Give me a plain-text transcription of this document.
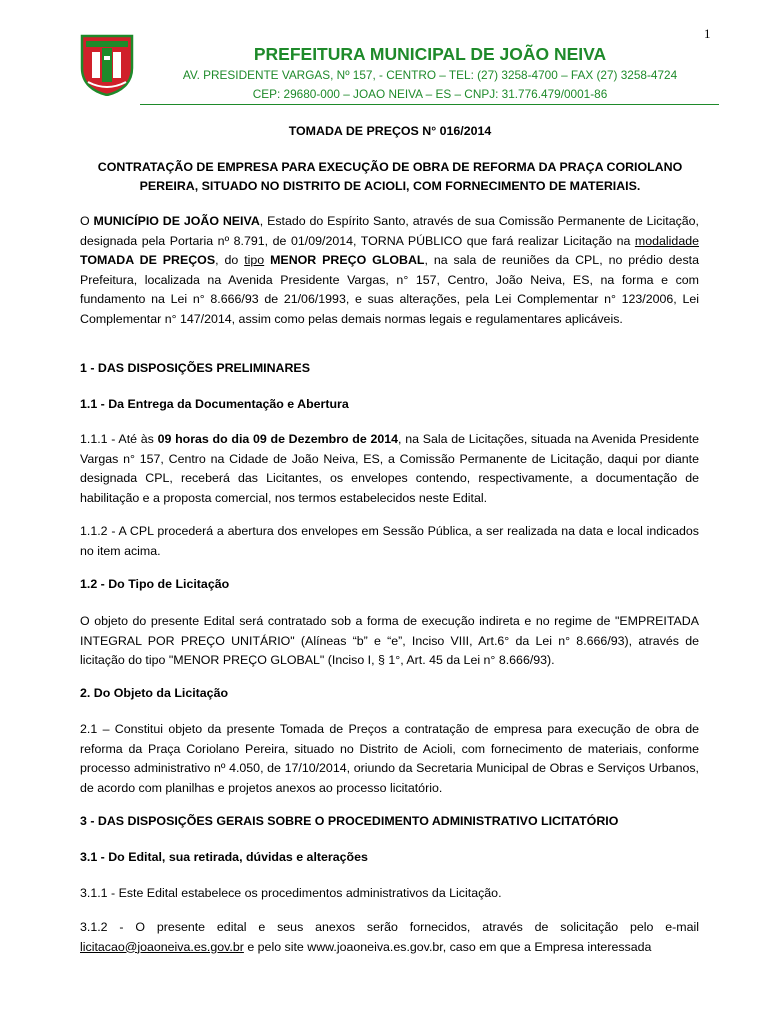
1
PREFEITURA MUNICIPAL DE JOÃO NEIVA
AV. PRESIDENTE VARGAS, Nº 157, - CENTRO – TEL: (27) 3258-4700 – FAX (27) 3258-4724
CEP: 29680-000 – JOAO NEIVA – ES – CNPJ: 31.776.479/0001-86
TOMADA DE PREÇOS N° 016/2014
CONTRATAÇÃO DE EMPRESA PARA EXECUÇÃO DE OBRA DE REFORMA DA PRAÇA CORIOLANO
PEREIRA, SITUADO NO DISTRITO DE ACIOLI, COM FORNECIMENTO DE MATERIAIS.
O MUNICÍPIO DE JOÃO NEIVA, Estado do Espírito Santo, através de sua Comissão Permanente de Licitação, designada pela Portaria nº 8.791, de 01/09/2014, TORNA PÚBLICO que fará realizar Licitação na modalidade TOMADA DE PREÇOS, do tipo MENOR PREÇO GLOBAL, na sala de reuniões da CPL, no prédio desta Prefeitura, localizada na Avenida Presidente Vargas, n° 157, Centro, João Neiva, ES, na forma e com fundamento na Lei n° 8.666/93 de 21/06/1993, e suas alterações, pela Lei Complementar n° 123/2006, Lei Complementar n° 147/2014, assim como pelas demais normas legais e regulamentares aplicáveis.
1 - DAS DISPOSIÇÕES PRELIMINARES
1.1 - Da Entrega da Documentação e Abertura
1.1.1 - Até às 09 horas do dia 09 de Dezembro de 2014, na Sala de Licitações, situada na Avenida Presidente Vargas n° 157, Centro na Cidade de João Neiva, ES, a Comissão Permanente de Licitação, daqui por diante designada CPL, receberá das Licitantes, os envelopes contendo, respectivamente, a documentação de habilitação e a proposta comercial, nos termos estabelecidos neste Edital.
1.1.2 - A CPL procederá a abertura dos envelopes em Sessão Pública, a ser realizada na data e local indicados no item acima.
1.2 - Do Tipo de Licitação
O objeto do presente Edital será contratado sob a forma de execução indireta e no regime de "EMPREITADA INTEGRAL POR PREÇO UNITÁRIO" (Alíneas “b” e “e”, Inciso VIII, Art.6° da Lei n° 8.666/93), através de licitação do tipo "MENOR PREÇO GLOBAL" (Inciso I, § 1°, Art. 45 da Lei n° 8.666/93).
2. Do Objeto da Licitação
2.1 – Constitui objeto da presente Tomada de Preços a contratação de empresa para execução de obra de reforma da Praça Coriolano Pereira, situado no Distrito de Acioli, com fornecimento de materiais, conforme processo administrativo nº 4.050, de 17/10/2014, oriundo da Secretaria Municipal de Obras e Serviços Urbanos, de acordo com planilhas e projetos anexos ao processo licitatório.
3 - DAS DISPOSIÇÕES GERAIS SOBRE O PROCEDIMENTO ADMINISTRATIVO LICITATÓRIO
3.1 - Do Edital, sua retirada, dúvidas e alterações
3.1.1 - Este Edital estabelece os procedimentos administrativos da Licitação.
3.1.2 - O presente edital e seus anexos serão fornecidos, através de solicitação pelo e-mail licitacao@joaoneiva.es.gov.br e pelo site www.joaoneiva.es.gov.br, caso em que a Empresa interessada
